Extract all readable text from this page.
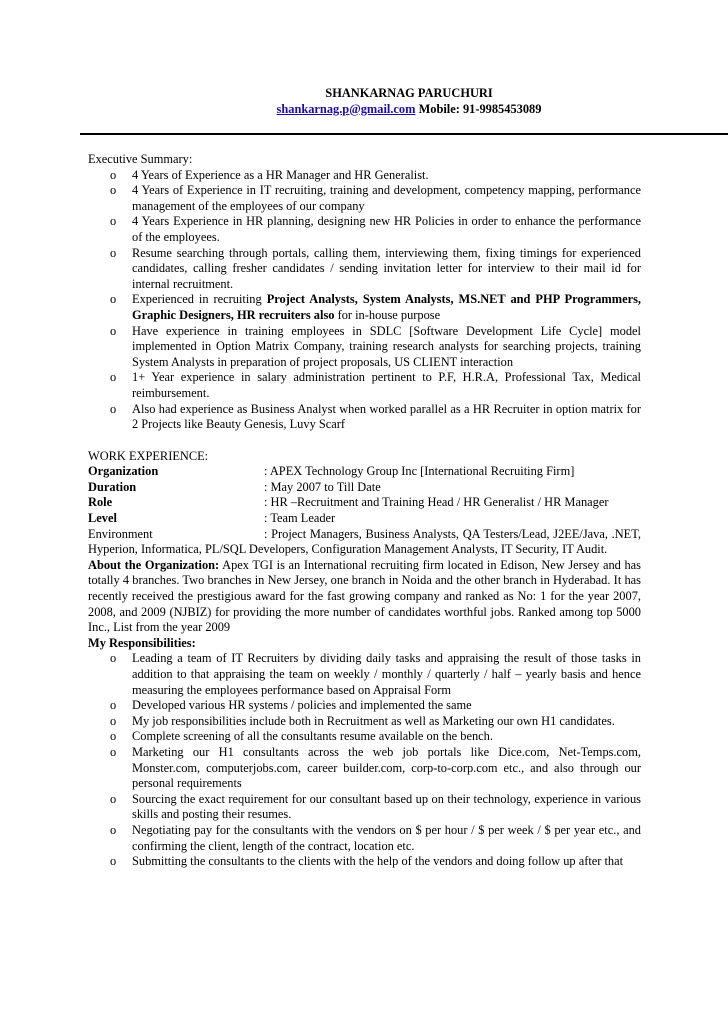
SHANKARNAG PARUCHURI
shankarnag.p@gmail.com Mobile: 91-9985453089
Executive Summary:
o 4 Years of Experience as a HR Manager and HR Generalist.
o 4 Years of Experience in IT recruiting, training and development, competency mapping, performance management of the employees of our company
o 4 Years Experience in HR planning, designing new HR Policies in order to enhance the performance of the employees.
o Resume searching through portals, calling them, interviewing them, fixing timings for experienced candidates, calling fresher candidates / sending invitation letter for interview to their mail id for internal recruitment.
o Experienced in recruiting Project Analysts, System Analysts, MS.NET and PHP Programmers, Graphic Designers, HR recruiters also for in-house purpose
o Have experience in training employees in SDLC [Software Development Life Cycle] model implemented in Option Matrix Company, training research analysts for searching projects, training System Analysts in preparation of project proposals, US CLIENT interaction
o 1+ Year experience in salary administration pertinent to P.F, H.R.A, Professional Tax, Medical reimbursement.
o Also had experience as Business Analyst when worked parallel as a HR Recruiter in option matrix for 2 Projects like Beauty Genesis, Luvy Scarf
WORK EXPERIENCE:
Organization	: APEX Technology Group Inc [International Recruiting Firm]
Duration	: May 2007 to Till Date
Role	: HR –Recruitment and Training Head / HR Generalist / HR Manager
Level	: Team Leader
Environment	: Project Managers, Business Analysts, QA Testers/Lead, J2EE/Java, .NET, Hyperion, Informatica, PL/SQL Developers, Configuration Management Analysts, IT Security, IT Audit.
About the Organization: Apex TGI is an International recruiting firm located in Edison, New Jersey and has totally 4 branches. Two branches in New Jersey, one branch in Noida and the other branch in Hyderabad. It has recently received the prestigious award for the fast growing company and ranked as No: 1 for the year 2007, 2008, and 2009 (NJBIZ) for providing the more number of candidates worthful jobs. Ranked among top 5000 Inc., List from the year 2009
My Responsibilities:
o Leading a team of IT Recruiters by dividing daily tasks and appraising the result of those tasks in addition to that appraising the team on weekly / monthly / quarterly / half – yearly basis and hence measuring the employees performance based on Appraisal Form
o Developed various HR systems / policies and implemented the same
o My job responsibilities include both in Recruitment as well as Marketing our own H1 candidates.
o Complete screening of all the consultants resume available on the bench.
o Marketing our H1 consultants across the web job portals like Dice.com, Net-Temps.com, Monster.com, computerjobs.com, career builder.com, corp-to-corp.com etc., and also through our personal requirements
o Sourcing the exact requirement for our consultant based up on their technology, experience in various skills and posting their resumes.
o Negotiating pay for the consultants with the vendors on $ per hour / $ per week / $ per year etc., and confirming the client, length of the contract, location etc.
o Submitting the consultants to the clients with the help of the vendors and doing follow up after that
